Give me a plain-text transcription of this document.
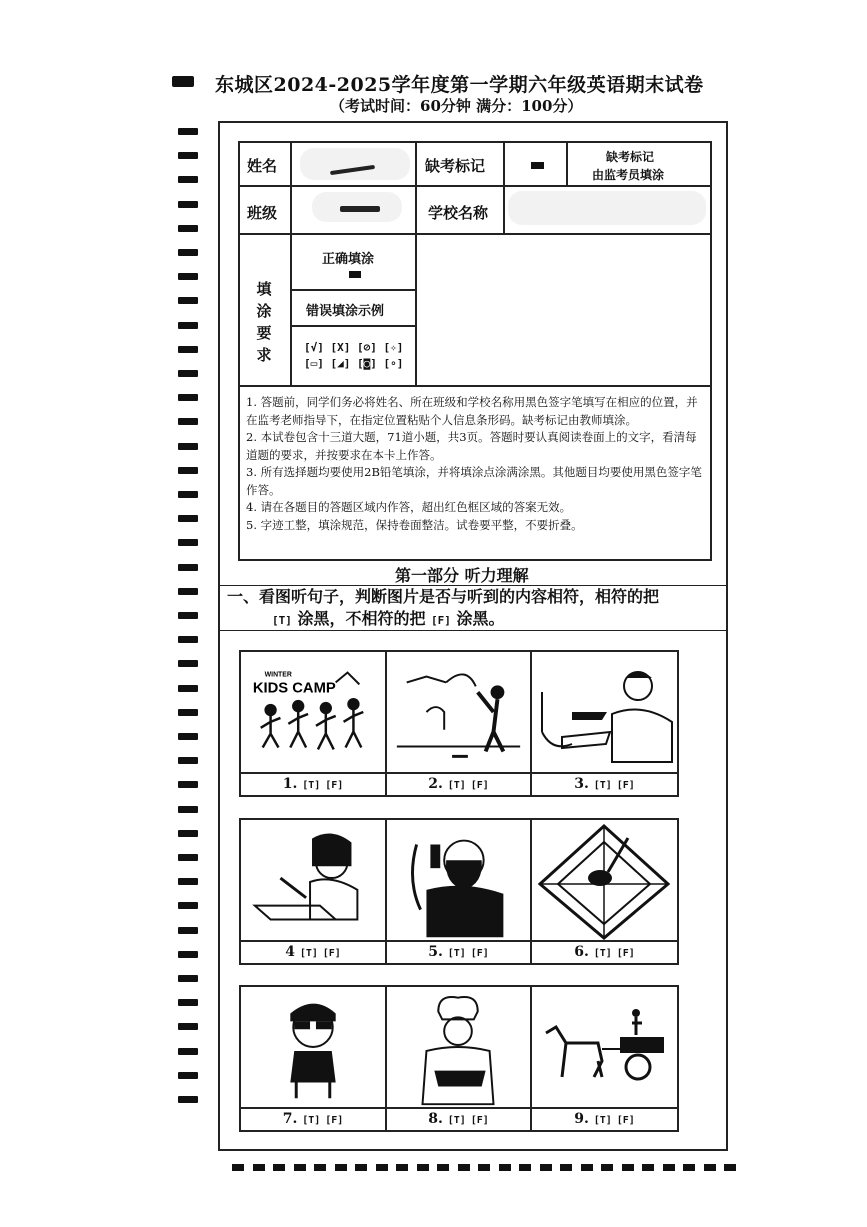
东城区2024-2025学年度第一学期六年级英语期末试卷
（考试时间：60分钟 满分：100分）
姓名	缺考标记	缺考标记
由监考员填涂
班级	学校名称
填涂要求
正确填涂
错误填涂示例
[√] [X] [⊘] [✧]
[▭] [◢] [◙] [∘]
1. 答题前，同学们务必将姓名、所在班级和学校名称用黑色签字笔填写在相应的位置，并在监考老师指导下，在指定位置粘贴个人信息条形码。缺考标记由教师填涂。
2. 本试卷包含十三道大题，71道小题，共3页。答题时要认真阅读卷面上的文字，看清每道题的要求，并按要求在本卡上作答。
3. 所有选择题均要使用2B铅笔填涂，并将填涂点涂满涂黑。其他题目均要使用黑色签字笔作答。
4. 请在各题目的答题区域内作答，超出红色框区域的答案无效。
5. 字迹工整，填涂规范，保持卷面整洁。试卷要平整，不要折叠。
第一部分 听力理解
一、看图听句子，判断图片是否与听到的内容相符，相符的把
[T] 涂黑，不相符的把 [F] 涂黑。
WINTER
KIDS CAMP
1. [T] [F]	2. [T] [F]	3. [T] [F]
4 [T] [F]	5. [T] [F]	6. [T] [F]
7. [T] [F]	8. [T] [F]	9. [T] [F]
